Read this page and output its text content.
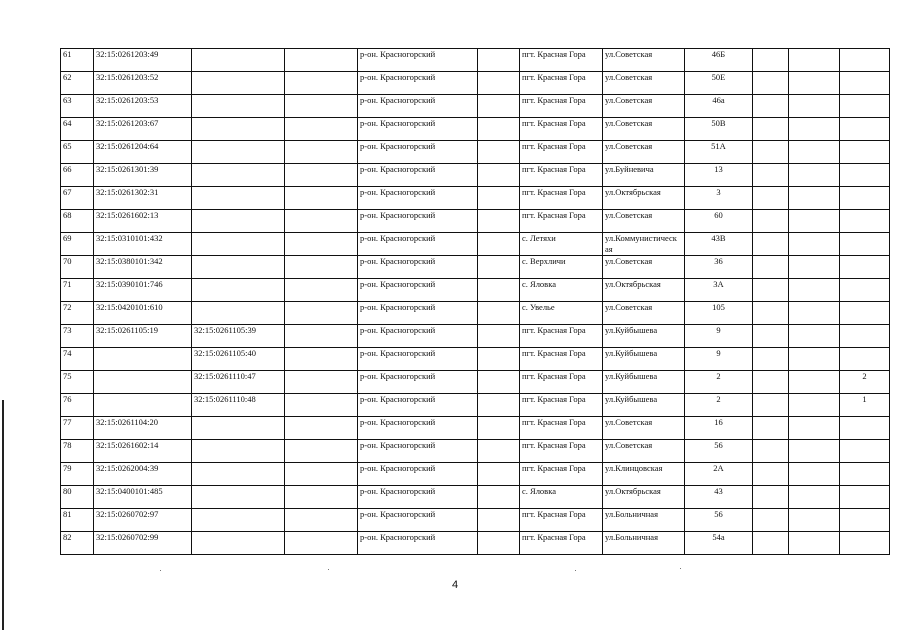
61	32:15:0261203:49			р-он. Красногорский		пгт. Красная Гора	ул.Советская	46Б			
62	32:15:0261203:52			р-он. Красногорский		пгт. Красная Гора	ул.Советская	50Е			
63	32:15:0261203:53			р-он. Красногорский		пгт. Красная Гора	ул.Советская	46а			
64	32:15:0261203:67			р-он. Красногорский		пгт. Красная Гора	ул.Советская	50В			
65	32:15:0261204:64			р-он. Красногорский		пгт. Красная Гора	ул.Советская	51А			
66	32:15:0261301:39			р-он. Красногорский		пгт. Красная Гора	ул.Буйневича	13			
67	32:15:0261302:31			р-он. Красногорский		пгт. Красная Гора	ул.Октябрьская	3			
68	32:15:0261602:13			р-он. Красногорский		пгт. Красная Гора	ул.Советская	60			
69	32:15:0310101:432			р-он. Красногорский		с. Летяхи	ул.Коммунистическ ая	43В			
70	32:15:0380101:342			р-он. Красногорский		с. Верхличи	ул.Советская	36			
71	32:15:0390101:746			р-он. Красногорский		с. Яловка	ул.Октябрьская	3А			
72	32:15:0420101:610			р-он. Красногорский		с. Увелье	ул.Советская	105			
73	32:15:0261105:19	32:15:0261105:39		р-он. Красногорский		пгт. Красная Гора	ул.Куйбышева	9			
74		32:15:0261105:40		р-он. Красногорский		пгт. Красная Гора	ул.Куйбышева	9			
75		32:15:0261110:47		р-он. Красногорский		пгт. Красная Гора	ул.Куйбышева	2			2
76		32:15:0261110:48		р-он. Красногорский		пгт. Красная Гора	ул.Куйбышева	2			1
77	32:15:0261104:20			р-он. Красногорский		пгт. Красная Гора	ул.Советская	16			
78	32:15:0261602:14			р-он. Красногорский		пгт. Красная Гора	ул.Советская	56			
79	32:15:0262004:39			р-он. Красногорский		пгт. Красная Гора	ул.Клинцовская	2А			
80	32:15:0400101:485			р-он. Красногорский		с. Яловка	ул.Октябрьская	43			
81	32:15:0260702:97			р-он. Красногорский		пгт. Красная Гора	ул.Больничная	56			
82	32:15:0260702:99			р-он. Красногорский		пгт. Красная Гора	ул.Больничная	54а			
4
